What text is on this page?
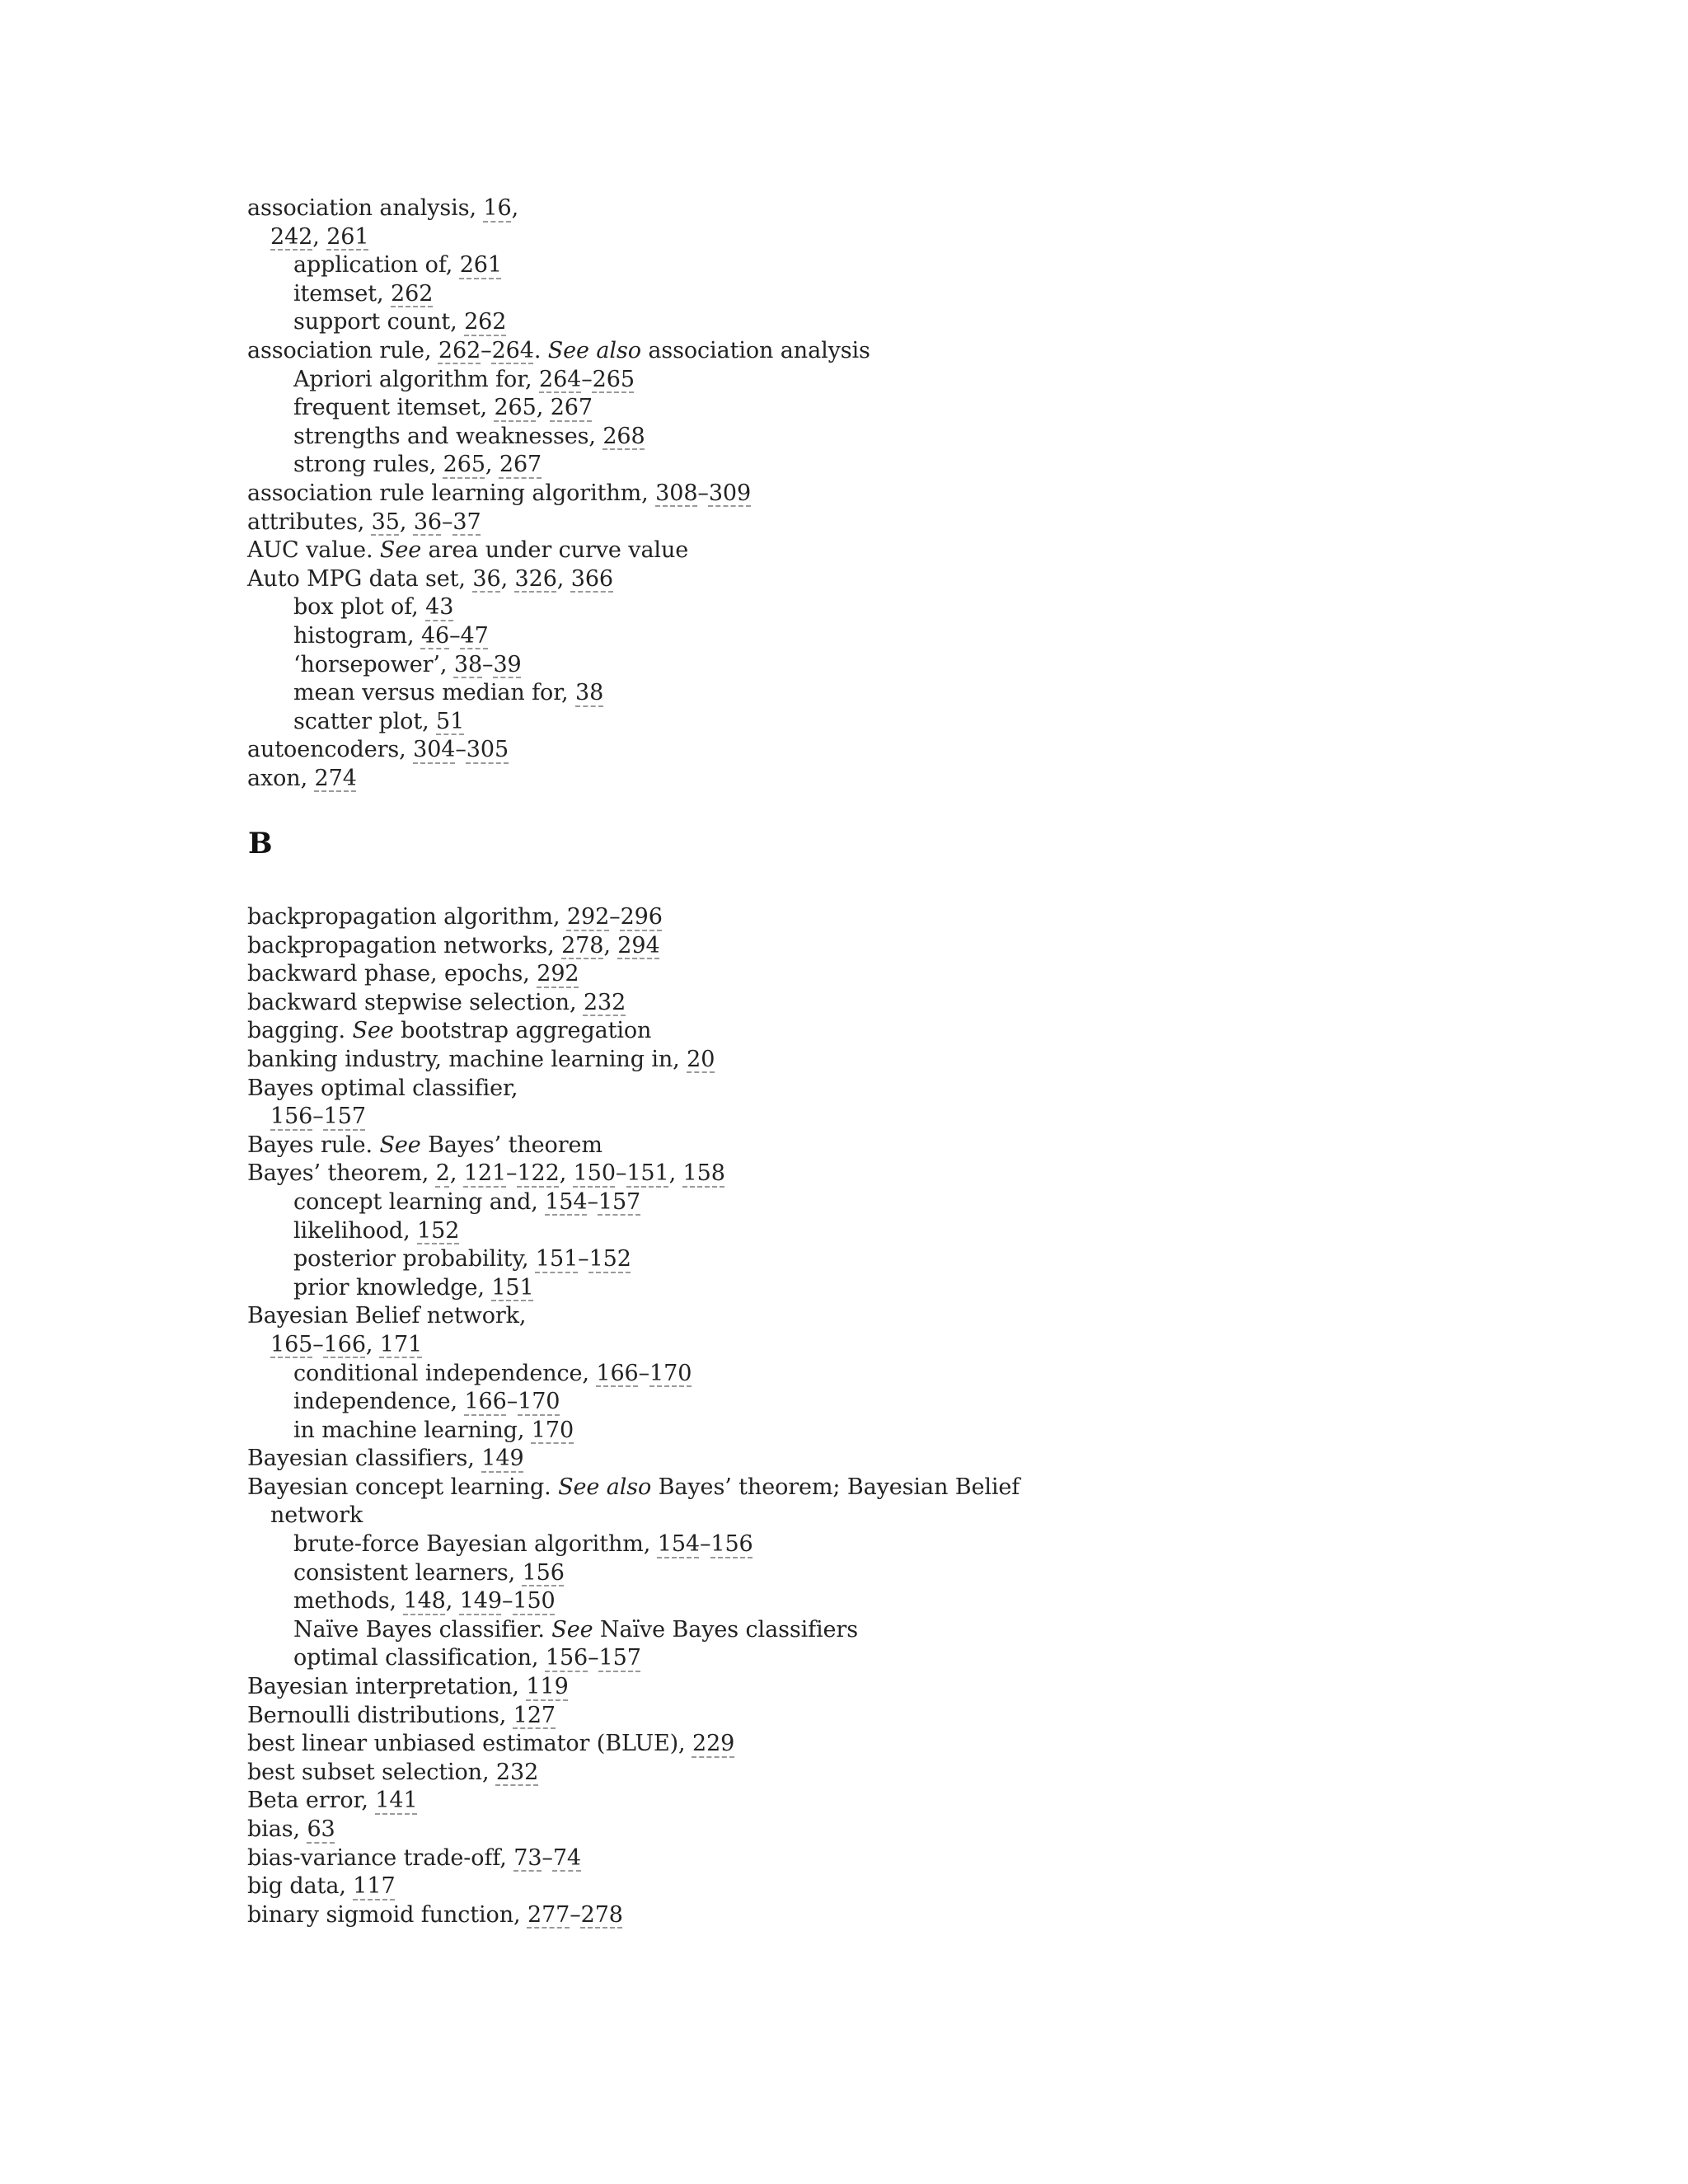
association analysis, 16,
242, 261
application of, 261
itemset, 262
support count, 262
association rule, 262–264. See also association analysis
Apriori algorithm for, 264–265
frequent itemset, 265, 267
strengths and weaknesses, 268
strong rules, 265, 267
association rule learning algorithm, 308–309
attributes, 35, 36–37
AUC value. See area under curve value
Auto MPG data set, 36, 326, 366
box plot of, 43
histogram, 46–47
‘horsepower’, 38–39
mean versus median for, 38
scatter plot, 51
autoencoders, 304–305
axon, 274
B
backpropagation algorithm, 292–296
backpropagation networks, 278, 294
backward phase, epochs, 292
backward stepwise selection, 232
bagging. See bootstrap aggregation
banking industry, machine learning in, 20
Bayes optimal classifier,
156–157
Bayes rule. See Bayes’ theorem
Bayes’ theorem, 2, 121–122, 150–151, 158
concept learning and, 154–157
likelihood, 152
posterior probability, 151–152
prior knowledge, 151
Bayesian Belief network,
165–166, 171
conditional independence, 166–170
independence, 166–170
in machine learning, 170
Bayesian classifiers, 149
Bayesian concept learning. See also Bayes’ theorem; Bayesian Belief
network
brute-force Bayesian algorithm, 154–156
consistent learners, 156
methods, 148, 149–150
Naïve Bayes classifier. See Naïve Bayes classifiers
optimal classification, 156–157
Bayesian interpretation, 119
Bernoulli distributions, 127
best linear unbiased estimator (BLUE), 229
best subset selection, 232
Beta error, 141
bias, 63
bias-variance trade-off, 73–74
big data, 117
binary sigmoid function, 277–278
